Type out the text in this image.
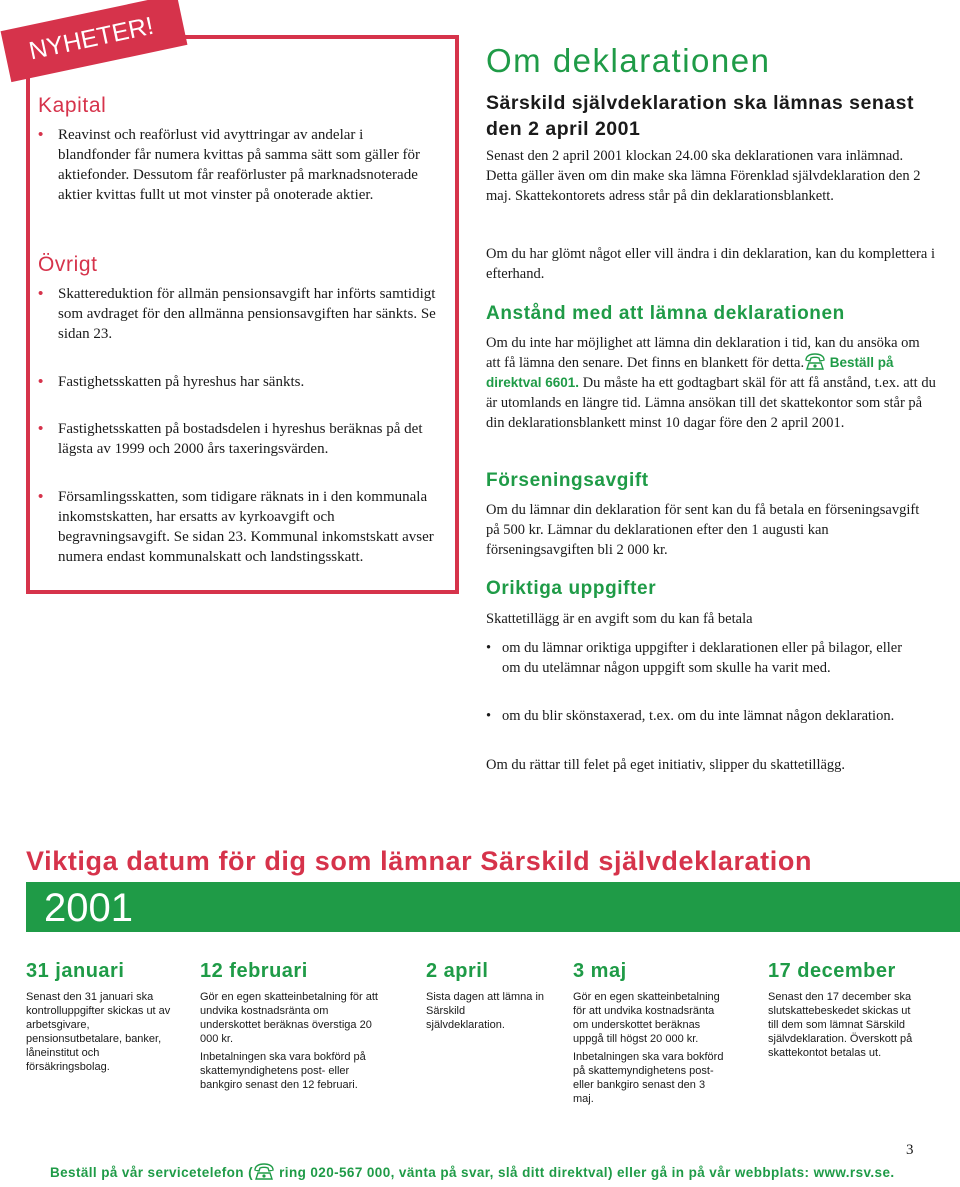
NYHETER!
Kapital
• Reavinst och reaförlust vid avyttringar av andelar i blandfonder får numera kvittas på samma sätt som gäller för aktiefonder. Dessutom får reaförluster på marknadsnoterade aktier kvittas fullt ut mot vinster på onoterade aktier.
Övrigt
• Skattereduktion för allmän pensionsavgift har införts samtidigt som avdraget för den allmänna pensionsavgiften har sänkts. Se sidan 23.
• Fastighetsskatten på hyreshus har sänkts.
• Fastighetsskatten på bostadsdelen i hyreshus beräknas på det lägsta av 1999 och 2000 års taxeringsvärden.
• Församlingsskatten, som tidigare räknats in i den kommunala inkomstskatten, har ersatts av kyrkoavgift och begravningsavgift. Se sidan 23. Kommunal inkomstskatt avser numera endast kommunalskatt och landstingsskatt.
Om deklarationen
Särskild självdeklaration ska lämnas senast den 2 april 2001

Senast den 2 april 2001 klockan 24.00 ska deklarationen vara inlämnad. Detta gäller även om din make ska lämna Förenklad självdeklaration den 2 maj. Skattekontorets adress står på din deklarationsblankett.

Om du har glömt något eller vill ändra i din deklaration, kan du komplettera i efterhand.

Anstånd med att lämna deklarationen

Om du inte har möjlighet att lämna din deklaration i tid, kan du ansöka om att få lämna den senare. Det finns en blankett för detta. Beställ på direktval 6601. Du måste ha ett godtagbart skäl för att få anstånd, t.ex. att du är utomlands en längre tid. Lämna ansökan till det skattekontor som står på din deklarationsblankett minst 10 dagar före den 2 april 2001.

Förseningsavgift

Om du lämnar din deklaration för sent kan du få betala en förseningsavgift på 500 kr. Lämnar du deklarationen efter den 1 augusti kan förseningsavgiften bli 2 000 kr.

Oriktiga uppgifter

Skattetillägg är en avgift som du kan få betala

• om du lämnar oriktiga uppgifter i deklarationen eller på bilagor, eller om du utelämnar någon uppgift som skulle ha varit med.
• om du blir skönstaxerad, t.ex. om du inte lämnat någon deklaration.

Om du rättar till felet på eget initiativ, slipper du skattetillägg.

Viktiga datum för dig som lämnar Särskild självdeklaration
2001
31 januari

Senast den 31 januari ska kontrolluppgifter skickas ut av arbetsgivare, pensionsutbetalare, banker, låneinstitut och försäkringsbolag.

12 februari

Gör en egen skatteinbetalning för att undvika kostnadsränta om underskottet beräknas överstiga 20 000 kr.

Inbetalningen ska vara bokförd på skattemyndighetens post- eller bankgiro senast den 12 februari.

2 april

Sista dagen att lämna in Särskild självdeklaration.

3 maj

Gör en egen skatteinbetalning för att undvika kostnadsränta om underskottet beräknas uppgå till högst 20 000 kr.

Inbetalningen ska vara bokförd på skattemyndighetens post- eller bankgiro senast den 3 maj.

17 december

Senast den 17 december ska slutskattebeskedet skickas ut till dem som lämnat Särskild självdeklaration. Överskott på skattekontot betalas ut.

3
Beställ på vår servicetelefon ( ring 020-567 000, vänta på svar, slå ditt direktval) eller gå in på vår webbplats: www.rsv.se.
